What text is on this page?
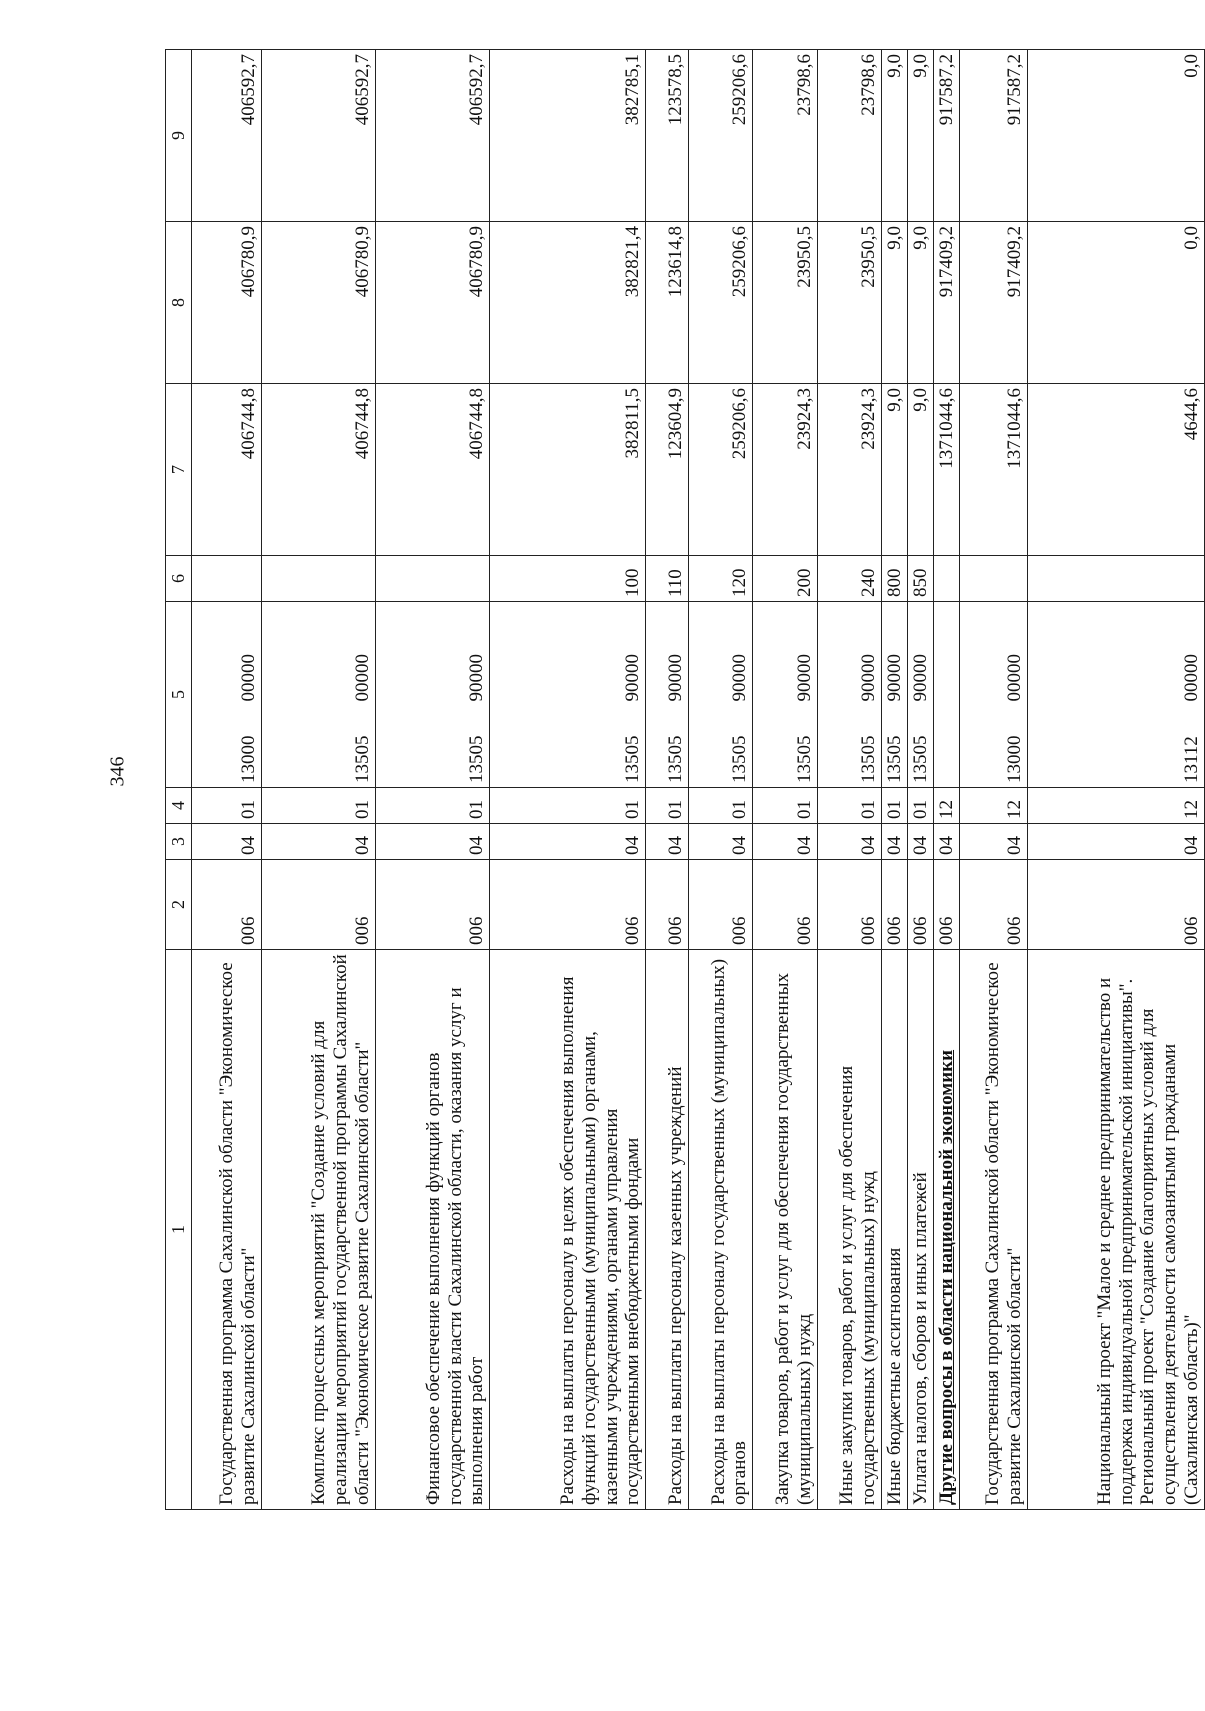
346
1	2	3	4	5		6	7	8	9
Государственная программа Сахалинской области "Экономическое развитие Сахалинской области"	006	04	01	13000	00000		406744,8	406780,9	406592,7
Комплекс процессных мероприятий "Создание условий для реализации мероприятий государственной программы Сахалинской области "Экономическое развитие Сахалинской области"	006	04	01	13505	00000		406744,8	406780,9	406592,7
Финансовое обеспечение выполнения функций органов государственной власти Сахалинской области, оказания услуг и выполнения работ	006	04	01	13505	90000		406744,8	406780,9	406592,7
Расходы на выплаты персоналу в целях обеспечения выполнения функций государственными (муниципальными) органами, казенными учреждениями, органами управления государственными внебюджетными фондами	006	04	01	13505	90000	100	382811,5	382821,4	382785,1
Расходы на выплаты персоналу казенных учреждений	006	04	01	13505	90000	110	123604,9	123614,8	123578,5
Расходы на выплаты персоналу государственных (муниципальных) органов	006	04	01	13505	90000	120	259206,6	259206,6	259206,6
Закупка товаров, работ и услуг для обеспечения государственных (муниципальных) нужд	006	04	01	13505	90000	200	23924,3	23950,5	23798,6
Иные закупки товаров, работ и услуг для обеспечения государственных (муниципальных) нужд	006	04	01	13505	90000	240	23924,3	23950,5	23798,6
Иные бюджетные ассигнования	006	04	01	13505	90000	800	9,0	9,0	9,0
Уплата налогов, сборов и иных платежей	006	04	01	13505	90000	850	9,0	9,0	9,0
Другие вопросы в области национальной экономики	006	04	12				1371044,6	917409,2	917587,2
Государственная программа Сахалинской области "Экономическое развитие Сахалинской области"	006	04	12	13000	00000		1371044,6	917409,2	917587,2
Национальный проект "Малое и среднее предпринимательство и поддержка индивидуальной предпринимательской инициативы". Региональный проект "Создание благоприятных условий для осуществления деятельности самозанятыми гражданами (Сахалинская область)"	006	04	12	13112	00000		4644,6	0,0	0,0
